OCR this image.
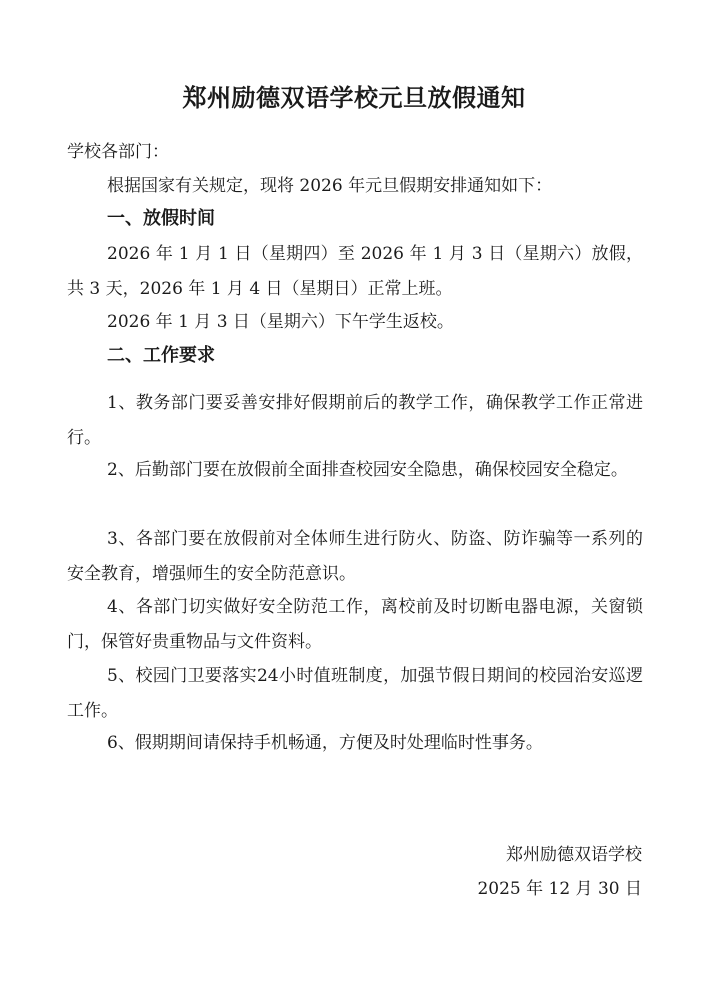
郑州励德双语学校元旦放假通知
学校各部门：
根据国家有关规定，现将 2026 年元旦假期安排通知如下：
一、放假时间
2026 年 1 月 1 日（星期四）至 2026 年 1 月 3 日（星期六）放假，共 3 天，2026 年 1 月 4 日（星期日）正常上班。
2026 年 1 月 3 日（星期六）下午学生返校。
二、工作要求
1、教务部门要妥善安排好假期前后的教学工作，确保教学工作正常进行。
2、后勤部门要在放假前全面排查校园安全隐患，确保校园安全稳定。
3、各部门要在放假前对全体师生进行防火、防盗、防诈骗等一系列的安全教育，增强师生的安全防范意识。
4、各部门切实做好安全防范工作，离校前及时切断电器电源，关窗锁门，保管好贵重物品与文件资料。
5、校园门卫要落实24小时值班制度，加强节假日期间的校园治安巡逻工作。
6、假期期间请保持手机畅通，方便及时处理临时性事务。
郑州励德双语学校
2025 年 12 月 30 日
